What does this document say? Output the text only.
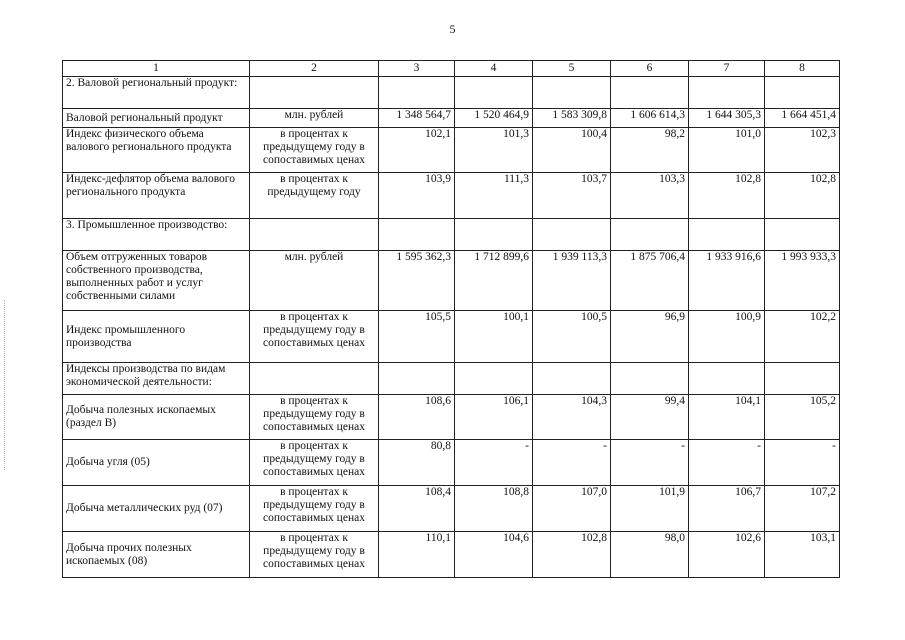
5
1	2	3	4	5	6	7	8
2. Валовой региональный продукт:							
Валовой региональный продукт	млн. рублей	1 348 564,7	1 520 464,9	1 583 309,8	1 606 614,3	1 644 305,3	1 664 451,4
Индекс физического объема валового регионального продукта	в процентах к предыдущему году в сопоставимых ценах	102,1	101,3	100,4	98,2	101,0	102,3
Индекс-дефлятор объема валового регионального продукта	в процентах к предыдущему году	103,9	111,3	103,7	103,3	102,8	102,8
3. Промышленное производство:							
Объем отгруженных товаров собственного производства, выполненных работ и услуг собственными силами	млн. рублей	1 595 362,3	1 712 899,6	1 939 113,3	1 875 706,4	1 933 916,6	1 993 933,3
Индекс промышленного производства	в процентах к предыдущему году в сопоставимых ценах	105,5	100,1	100,5	96,9	100,9	102,2
Индексы производства по видам экономической деятельности:							
Добыча полезных ископаемых (раздел B)	в процентах к предыдущему году в сопоставимых ценах	108,6	106,1	104,3	99,4	104,1	105,2
Добыча угля (05)	в процентах к предыдущему году в сопоставимых ценах	80,8	-	-	-	-	-
Добыча металлических руд (07)	в процентах к предыдущему году в сопоставимых ценах	108,4	108,8	107,0	101,9	106,7	107,2
Добыча прочих полезных ископаемых (08)	в процентах к предыдущему году в сопоставимых ценах	110,1	104,6	102,8	98,0	102,6	103,1
